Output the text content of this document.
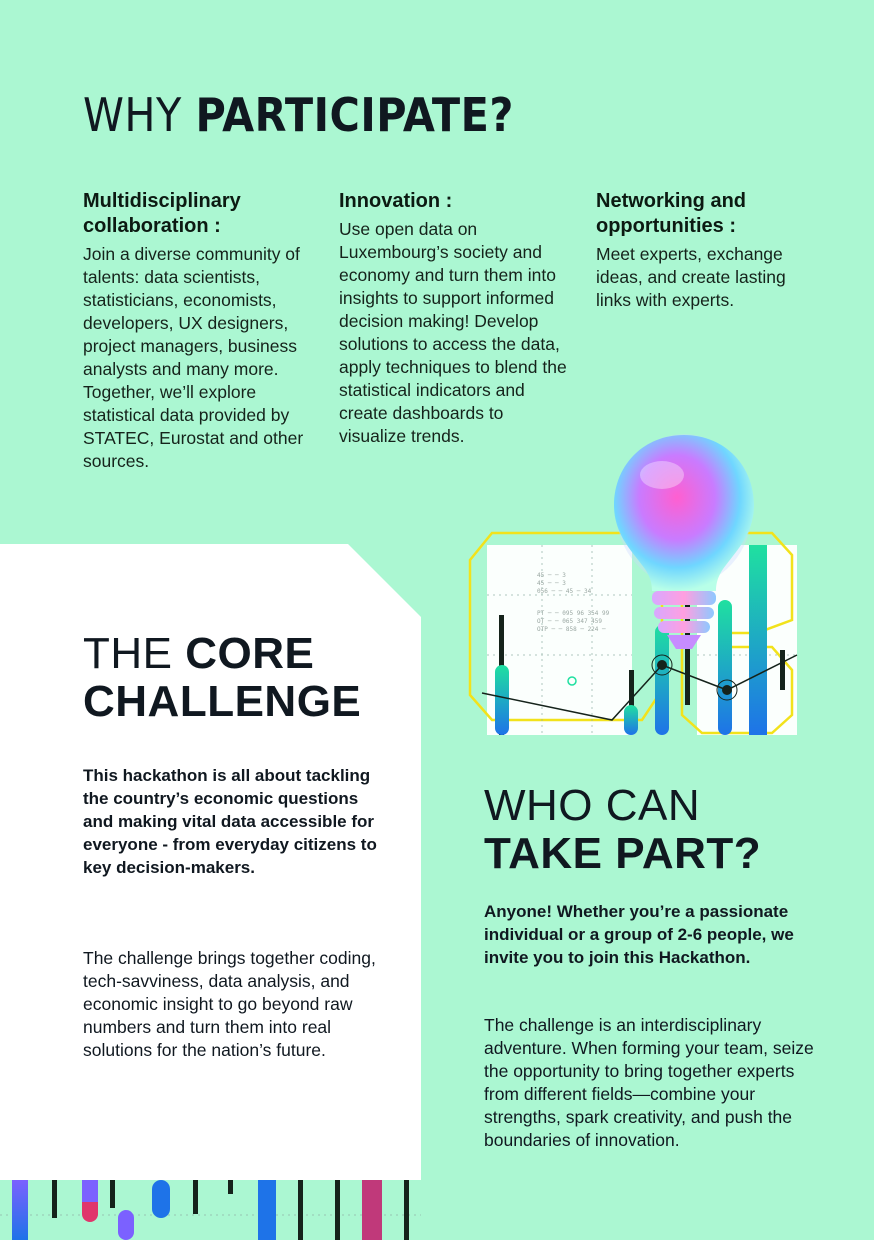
WHY PARTICIPATE?
Multidisciplinary collaboration :

Join a diverse community of talents: data scientists, statisticians, economists, developers, UX designers, project managers, business analysts and many more. Together, we’ll explore statistical data provided by STATEC, Eurostat and other sources.

Innovation :

Use open data on Luxembourg’s society and economy and turn them into insights to support informed decision making! Develop solutions to access the data, apply techniques to blend the statistical indicators and create dashboards to visualize trends.

Networking and opportunities :

Meet experts, exchange ideas, and create lasting links with experts.

THE CORE
CHALLENGE

This hackathon is all about tackling the country’s economic questions and making vital data accessible for everyone - from everyday citizens to key decision-makers.

The challenge brings together coding, tech-savviness, data analysis, and economic insight to go beyond raw numbers and turn them into real solutions for the nation’s future.

WHO CAN
TAKE PART?

Anyone! Whether you’re a passionate individual or a group of 2-6 people, we invite you to join this Hackathon.

The challenge is an interdisciplinary adventure. When forming your team, seize the opportunity to bring together experts from different fields—combine your strengths, spark creativity, and push the boundaries of innovation.

45 ─ ─ 3
45 ─ ─ 3
056 ─ ─ 45 ─ 34
PT ─ ─ 095 96 354 99
OT ─ ─ 065 347 459
OTP ─ ─ 858 ─ 224 ─
